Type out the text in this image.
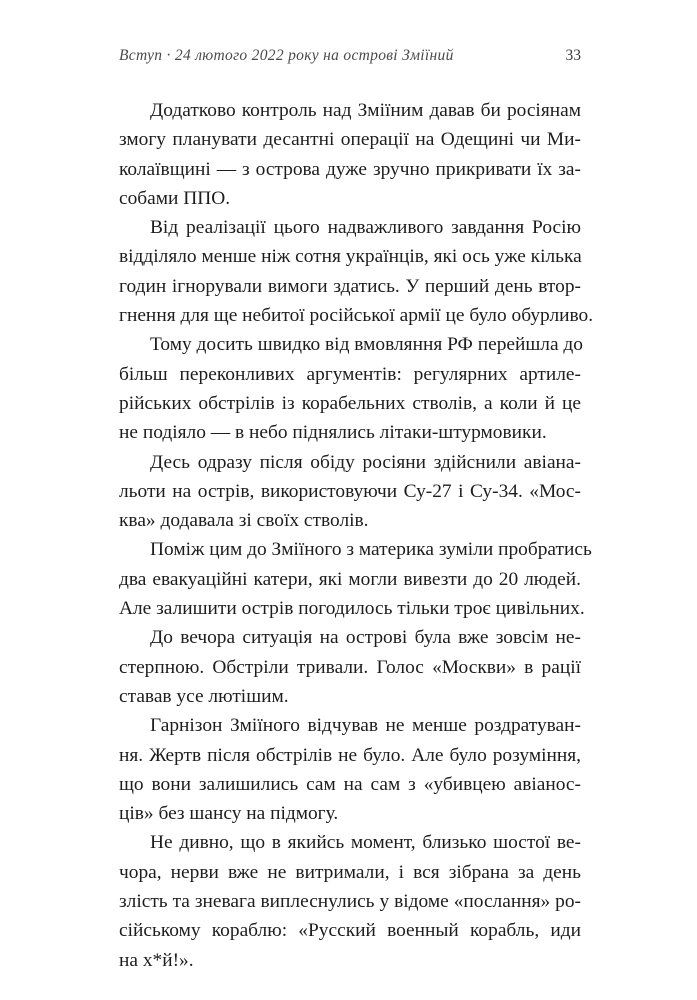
Вступ · 24 лютого 2022 року на острові Зміїний	33
Додатково контроль над Зміїним давав би росіянам
змогу планувати десантні операції на Одещині чи Ми-
колаївщині — з острова дуже зручно прикривати їх за-
собами ППО.
Від реалізації цього надважливого завдання Росію
відділяло менше ніж сотня українців, які ось уже кілька
годин ігнорували вимоги здатись. У перший день втор-
гнення для ще небитої російської армії це було обурливо.
Тому досить швидко від вмовляння РФ перейшла до
більш переконливих аргументів: регулярних артиле-
рійських обстрілів із корабельних стволів, а коли й це
не подіяло — в небо піднялись літаки-штурмовики.
Десь одразу після обіду росіяни здійснили авіана-
льоти на острів, використовуючи Су-27 і Су-34. «Мос-
ква» додавала зі своїх стволів.
Поміж цим до Зміїного з материка зуміли пробратись
два евакуаційні катери, які могли вивезти до 20 людей.
Але залишити острів погодилось тільки троє цивільних.
До вечора ситуація на острові була вже зовсім не-
стерпною. Обстріли тривали. Голос «Москви» в рації
ставав усе лютішим.
Гарнізон Зміїного відчував не менше роздратуван-
ня. Жертв після обстрілів не було. Але було розуміння,
що вони залишились сам на сам з «убивцею авіанос-
ців» без шансу на підмогу.
Не дивно, що в якийсь момент, близько шостої ве-
чора, нерви вже не витримали, і вся зібрана за день
злість та зневага виплеснулись у відоме «послання» ро-
сійському кораблю: «Русский военный корабль, иди
на х*й!».
